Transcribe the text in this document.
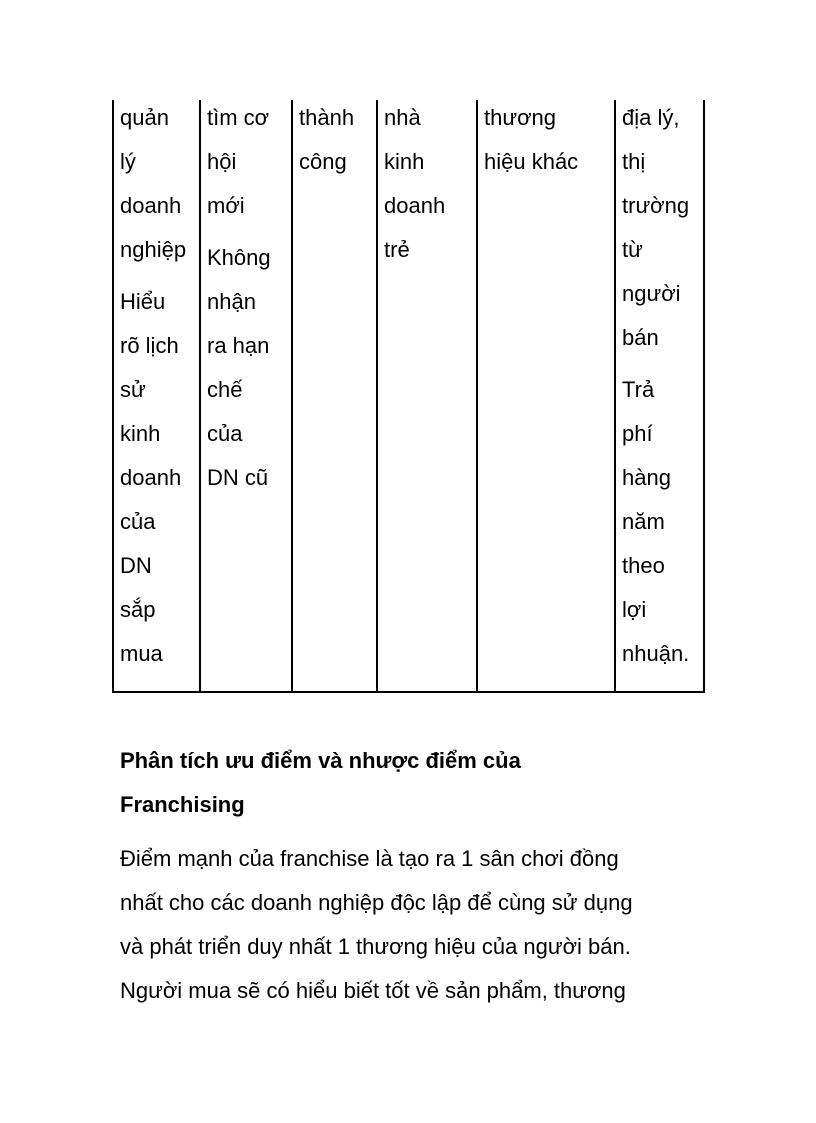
quản
lý
doanh
nghiệp
Hiểu
rõ lịch
sử
kinh
doanh
của
DN
sắp
mua
tìm cơ
hội
mới
Không
nhận
ra hạn
chế
của
DN cũ
thành
công
nhà
kinh
doanh
trẻ
thương
hiệu khác
địa lý,
thị
trường
từ
người
bán
Trả
phí
hàng
năm
theo
lợi
nhuận.
Phân tích ưu điểm và nhược điểm của
Franchising
Điểm mạnh của franchise là tạo ra 1 sân chơi đồng
nhất cho các doanh nghiệp độc lập để cùng sử dụng
và phát triển duy nhất 1 thương hiệu của người bán.
Người mua sẽ có hiểu biết tốt về sản phẩm, thương
